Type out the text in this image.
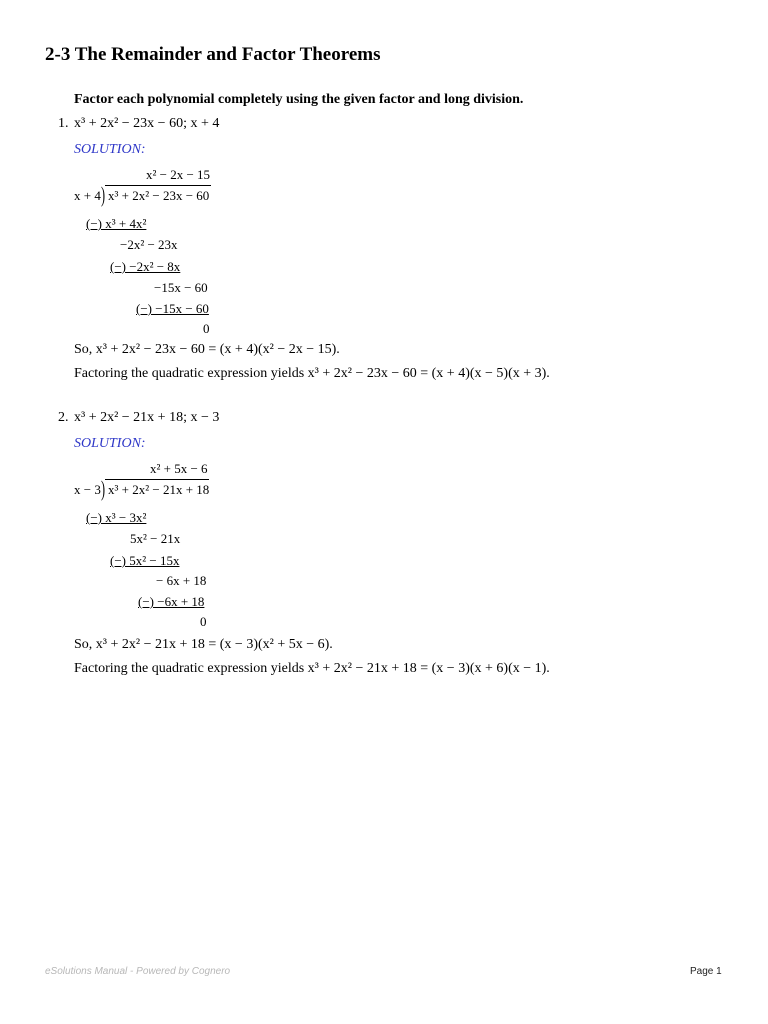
2-3 The Remainder and Factor Theorems
Factor each polynomial completely using the given factor and long division.
1. x³ + 2x² − 23x − 60; x + 4
SOLUTION:
x² − 2x − 15
x + 4 ) x³ + 2x² − 23x − 60
(−) x³ + 4x²
−2x² − 23x
(−) −2x² − 8x
−15x − 60
(−) −15x − 60
0
So, x³ + 2x² − 23x − 60 = (x + 4)(x² − 2x − 15).
Factoring the quadratic expression yields x³ + 2x² − 23x − 60 = (x + 4)(x − 5)(x + 3).
2. x³ + 2x² − 21x + 18; x − 3
SOLUTION:
x² + 5x − 6
x − 3 ) x³ + 2x² − 21x + 18
(−) x³ − 3x²
5x² − 21x
(−) 5x² − 15x
− 6x + 18
(−) −6x + 18
0
So, x³ + 2x² − 21x + 18 = (x − 3)(x² + 5x − 6).
Factoring the quadratic expression yields x³ + 2x² − 21x + 18 = (x − 3)(x + 6)(x − 1).
eSolutions Manual - Powered by Cognero	Page 1
